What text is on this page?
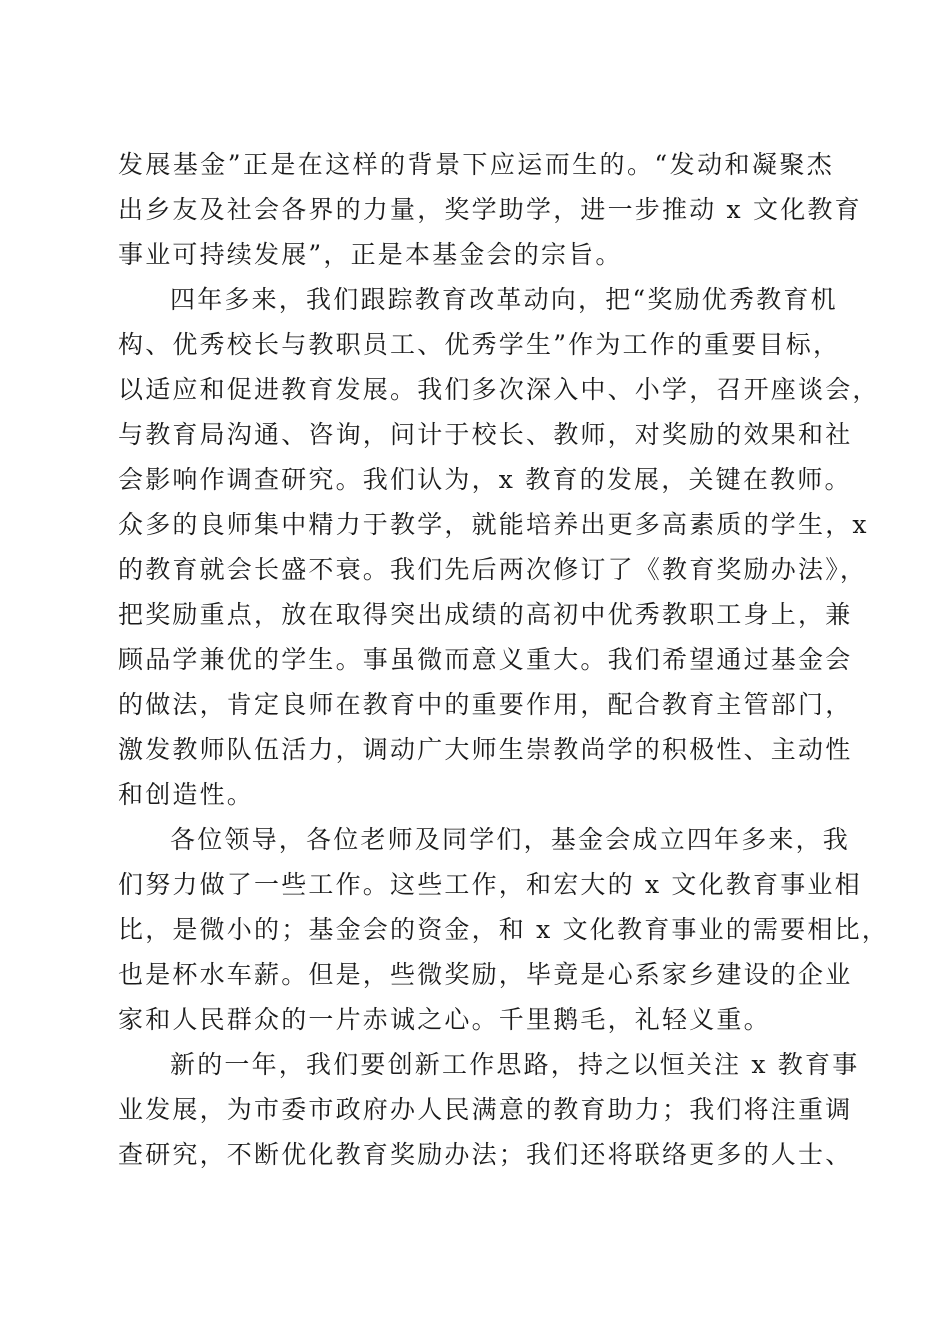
发展基金”正是在这样的背景下应运而生的。“发动和凝聚杰
出乡友及社会各界的力量，奖学助学，进一步推动 x 文化教育
事业可持续发展”，正是本基金会的宗旨。

四年多来，我们跟踪教育改革动向，把“奖励优秀教育机
构、优秀校长与教职员工、优秀学生”作为工作的重要目标，
以适应和促进教育发展。我们多次深入中、小学，召开座谈会，
与教育局沟通、咨询，问计于校长、教师，对奖励的效果和社
会影响作调查研究。我们认为，x 教育的发展，关键在教师。
众多的良师集中精力于教学，就能培养出更多高素质的学生，x
的教育就会长盛不衰。我们先后两次修订了《教育奖励办法》，
把奖励重点，放在取得突出成绩的高初中优秀教职工身上，兼
顾品学兼优的学生。事虽微而意义重大。我们希望通过基金会
的做法，肯定良师在教育中的重要作用，配合教育主管部门，
激发教师队伍活力，调动广大师生崇教尚学的积极性、主动性
和创造性。

各位领导，各位老师及同学们，基金会成立四年多来，我
们努力做了一些工作。这些工作，和宏大的 x 文化教育事业相
比，是微小的；基金会的资金，和 x 文化教育事业的需要相比，
也是杯水车薪。但是，些微奖励，毕竟是心系家乡建设的企业
家和人民群众的一片赤诚之心。千里鹅毛，礼轻义重。

新的一年，我们要创新工作思路，持之以恒关注 x 教育事
业发展，为市委市政府办人民满意的教育助力；我们将注重调
查研究，不断优化教育奖励办法；我们还将联络更多的人士、
